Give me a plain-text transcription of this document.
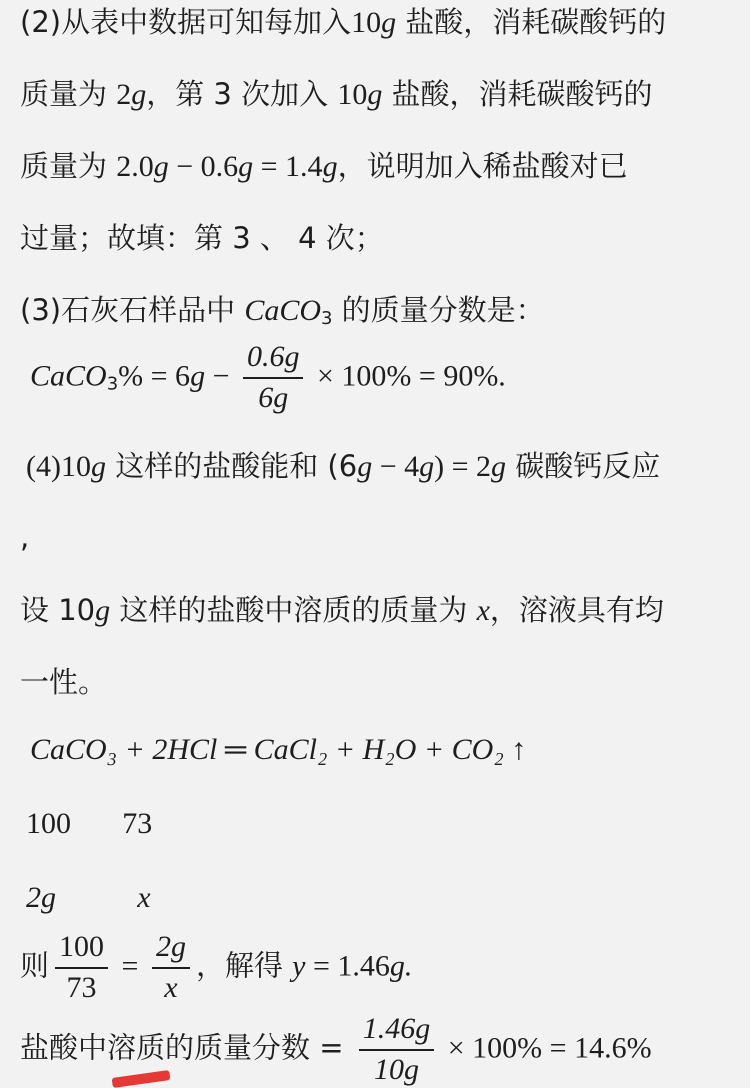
(2)从表中数据可知每加入10g 盐酸，消耗碳酸钙的
质量为 2g，第 3 次加入 10g 盐酸，消耗碳酸钙的
质量为 2.0g − 0.6g = 1.4g，说明加入稀盐酸对已
过量；故填：第 3 、 4 次；
(3)石灰石样品中 CaCO$_3$ 的质量分数是：
CaCO$_3$% = $6g - \frac{0.6g}{6g} \times 100\% = 90\%$.
(4)10g 这样的盐酸能和 (6g − 4g) = 2g 碳酸钙反应
,
设 10g 这样的盐酸中溶质的质量为 x，溶液具有均
一性。
CaCO₃ + 2HCl ═ CaCl₂ + H₂O + CO₂ ↑
100 73
2g	x
则 $\frac{100}{73} = \frac{2g}{x}$ ，解得 y = 1.46g.
盐酸中溶质的质量分数 = $\frac{1.46g}{10g} \times 100\% = 14.6\%$
